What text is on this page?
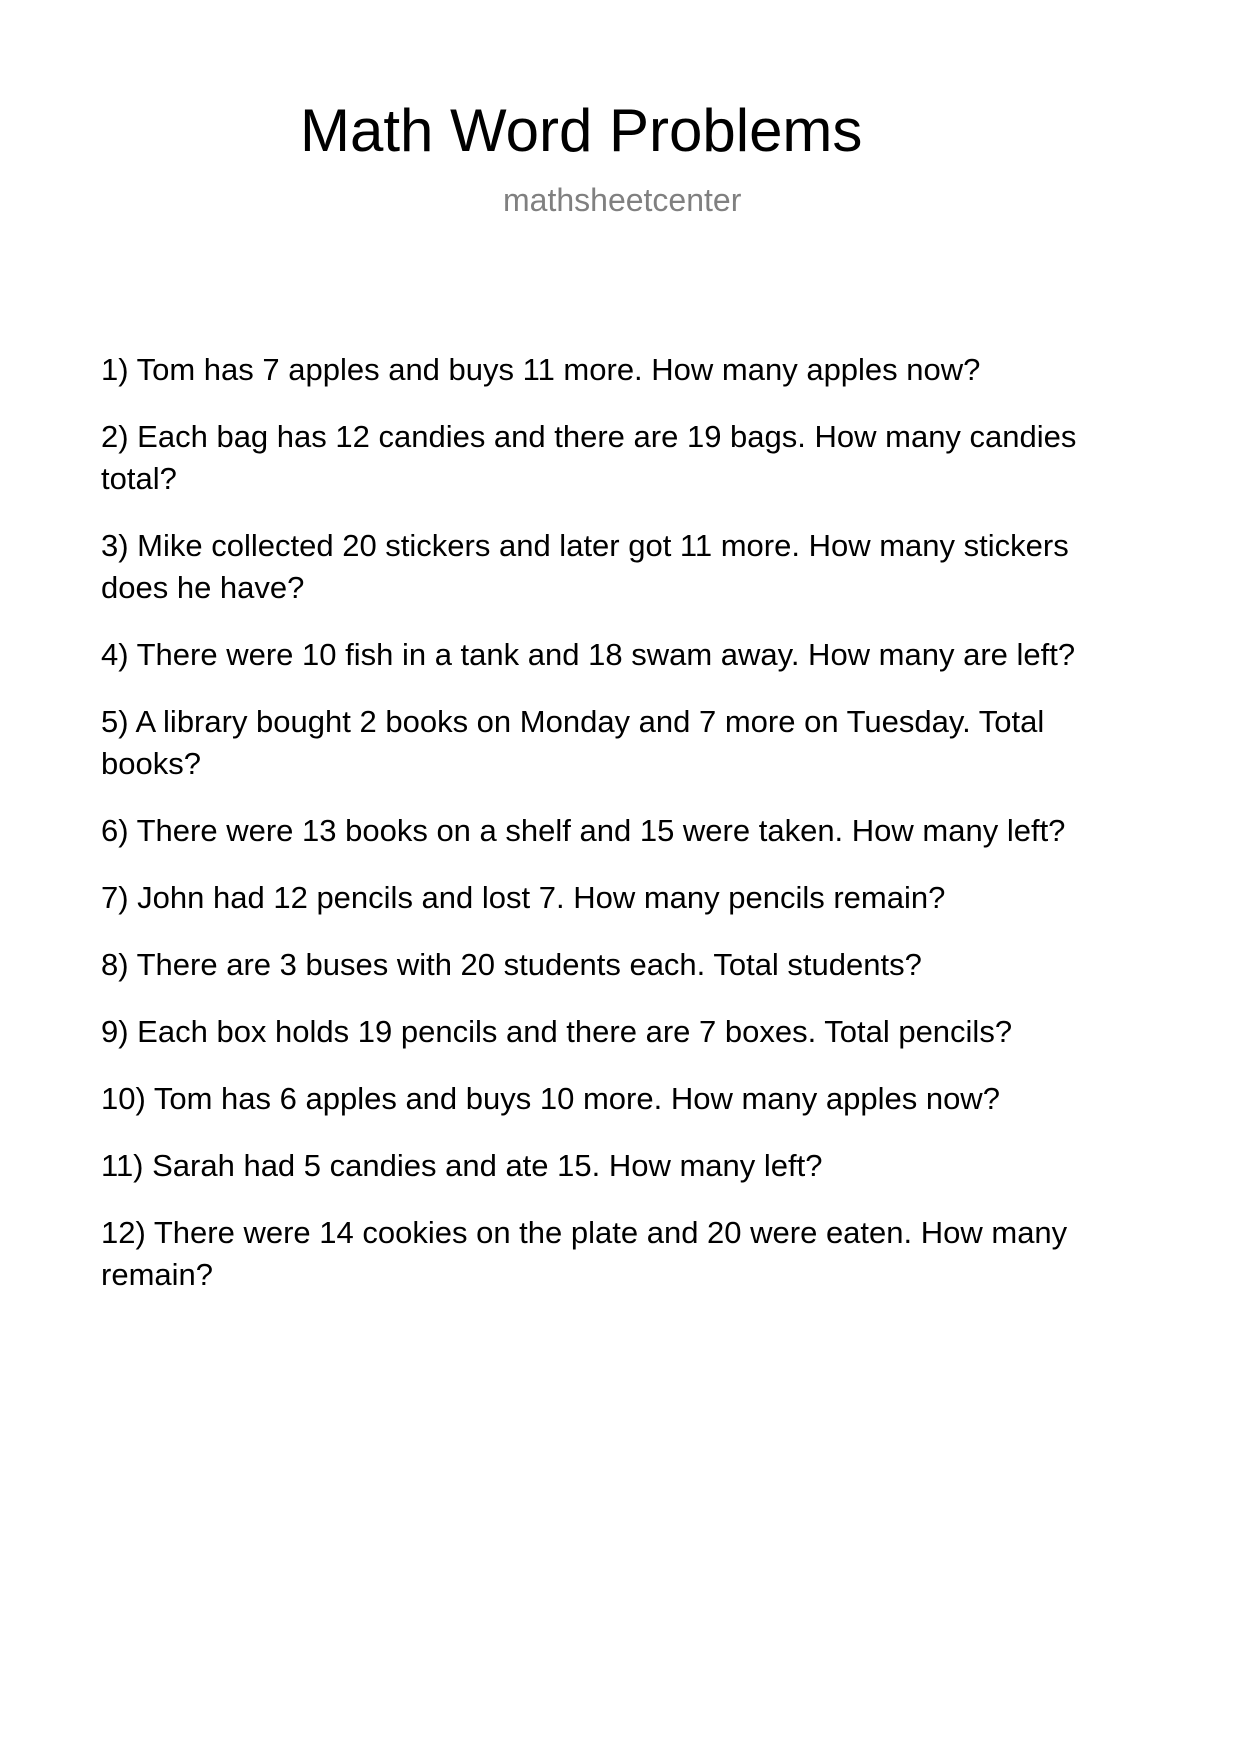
Math Word Problems
mathsheetcenter
1) Tom has 7 apples and buys 11 more. How many apples now?
2) Each bag has 12 candies and there are 19 bags. How many candies total?
3) Mike collected 20 stickers and later got 11 more. How many stickers does he have?
4) There were 10 fish in a tank and 18 swam away. How many are left?
5) A library bought 2 books on Monday and 7 more on Tuesday. Total books?
6) There were 13 books on a shelf and 15 were taken. How many left?
7) John had 12 pencils and lost 7. How many pencils remain?
8) There are 3 buses with 20 students each. Total students?
9) Each box holds 19 pencils and there are 7 boxes. Total pencils?
10) Tom has 6 apples and buys 10 more. How many apples now?
11) Sarah had 5 candies and ate 15. How many left?
12) There were 14 cookies on the plate and 20 were eaten. How many remain?
